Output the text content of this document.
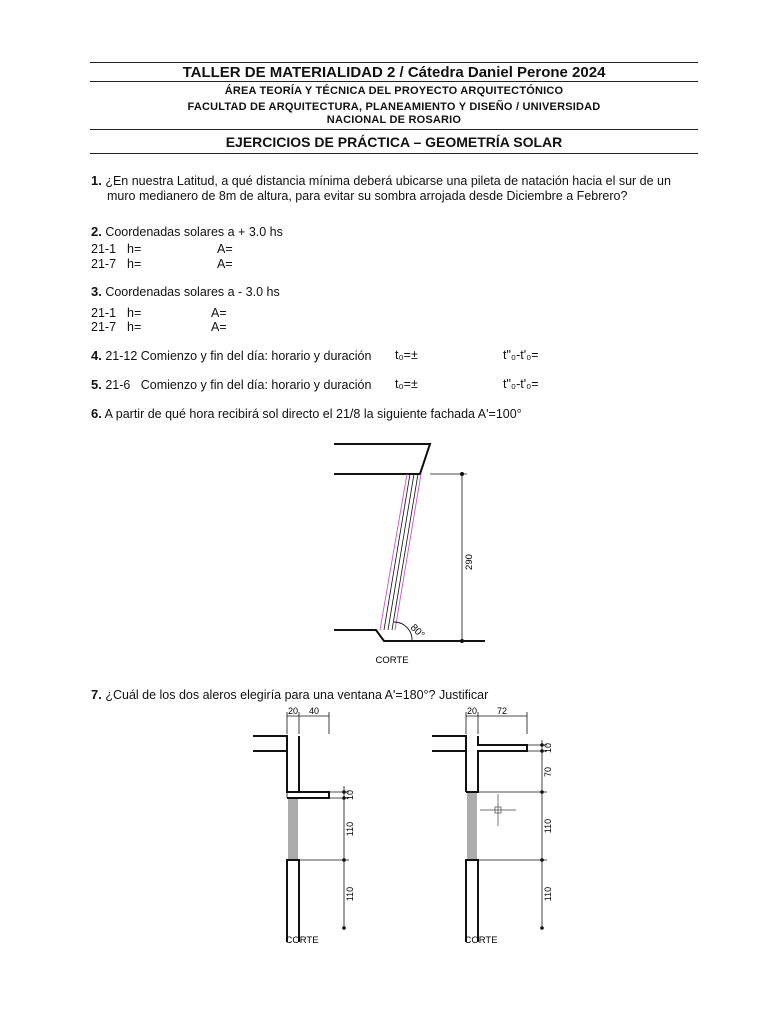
TALLER DE MATERIALIDAD 2 / Cátedra Daniel Perone 2024
ÁREA TEORÍA Y TÉCNICA DEL PROYECTO ARQUITECTÓNICO
FACULTAD DE ARQUITECTURA, PLANEAMIENTO Y DISEÑO / UNIVERSIDAD NACIONAL DE ROSARIO
EJERCICIOS DE PRÁCTICA – GEOMETRÍA SOLAR
1. ¿En nuestra Latitud, a qué distancia mínima deberá ubicarse una pileta de natación hacia el sur de un
muro medianero de 8m de altura, para evitar su sombra arrojada desde Diciembre a Febrero?
2. Coordenadas solares a + 3.0 hs
21-1 h=	A=
21-7 h=	A=
3. Coordenadas solares a - 3.0 hs
21-1 h=	A=
21-7 h=	A=
4. 21-12 Comienzo y fin del día: horario y duración t₀=±	t"₀-t'₀=
5. 21-6   Comienzo y fin del día: horario y duración t₀=±	t"₀-t'₀=
6. A partir de qué hora recibirá sol directo el 21/8 la siguiente fachada A'=100°
80°
290
CORTE
7. ¿Cuál de los dos aleros elegiría para una ventana A'=180°? Justificar
20 40
10
110
110
CORTE
20 72
10
70
110
110
CORTE
